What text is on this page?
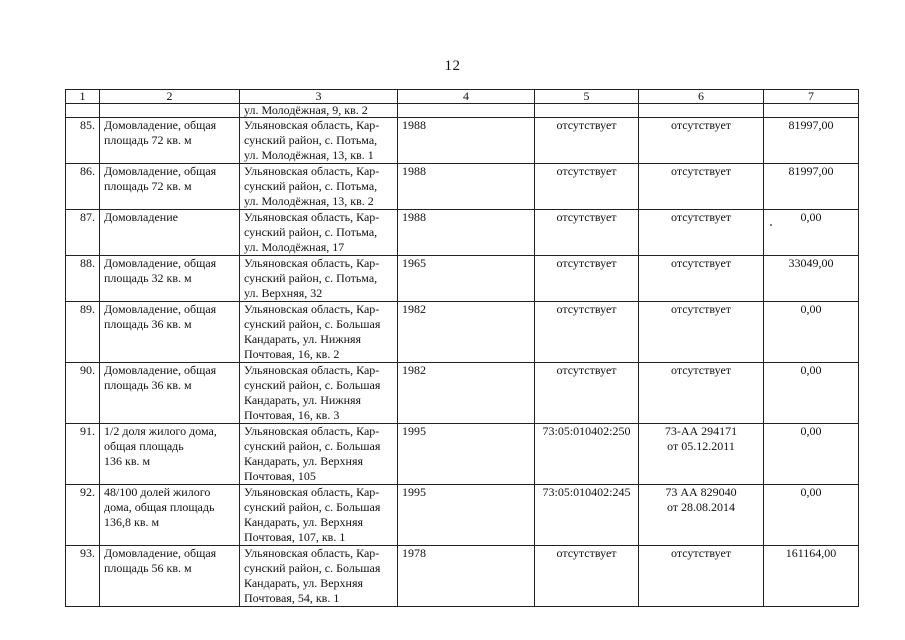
12
1	2	3	4	5	6	7
		ул. Молодёжная, 9, кв. 2				
85.	Домовладение, общая
площадь 72 кв. м	Ульяновская область, Кар-
сунский район, с. Потьма,
ул. Молодёжная, 13, кв. 1	1988	отсутствует	отсутствует	81997,00
86.	Домовладение, общая
площадь 72 кв. м	Ульяновская область, Кар-
сунский район, с. Потьма,
ул. Молодёжная, 13, кв. 2	1988	отсутствует	отсутствует	81997,00
87.	Домовладение	Ульяновская область, Кар-
сунский район, с. Потьма,
ул. Молодёжная, 17	1988	отсутствует	отсутствует	0,00
88.	Домовладение, общая
площадь 32 кв. м	Ульяновская область, Кар-
сунский район, с. Потьма,
ул. Верхняя, 32	1965	отсутствует	отсутствует	33049,00
89.	Домовладение, общая
площадь 36 кв. м	Ульяновская область, Кар-
сунский район, с. Большая
Кандарать, ул. Нижняя
Почтовая, 16, кв. 2	1982	отсутствует	отсутствует	0,00
90.	Домовладение, общая
площадь 36 кв. м	Ульяновская область, Кар-
сунский район, с. Большая
Кандарать, ул. Нижняя
Почтовая, 16, кв. 3	1982	отсутствует	отсутствует	0,00
91.	1/2 доля жилого дома,
общая площадь
136 кв. м	Ульяновская область, Кар-
сунский район, с. Большая
Кандарать, ул. Верхняя
Почтовая, 105	1995	73:05:010402:250	73-АА 294171
от 05.12.2011	0,00
92.	48/100 долей жилого
дома, общая площадь
136,8 кв. м	Ульяновская область, Кар-
сунский район, с. Большая
Кандарать, ул. Верхняя
Почтовая, 107, кв. 1	1995	73:05:010402:245	73 АА 829040
от 28.08.2014	0,00
93.	Домовладение, общая
площадь 56 кв. м	Ульяновская область, Кар-
сунский район, с. Большая
Кандарать, ул. Верхняя
Почтовая, 54, кв. 1	1978	отсутствует	отсутствует	161164,00
